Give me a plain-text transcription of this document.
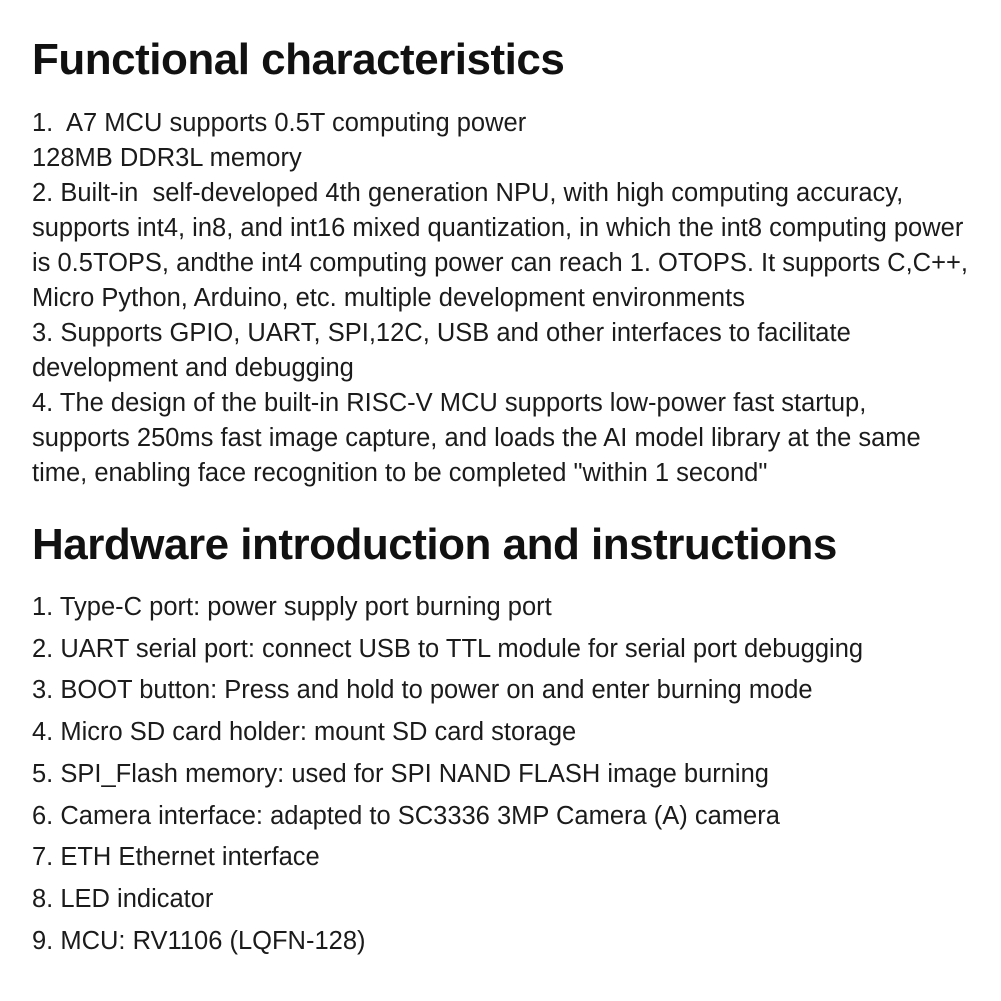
Functional characteristics

1.  A7 MCU supports 0.5T computing power

128MB DDR3L memory

2. Built-in  self-developed 4th generation NPU, with high computing accuracy, supports int4, in8, and int16 mixed quantization, in which the int8 computing power is 0.5TOPS, andthe int4 computing power can reach 1. OTOPS. It supports C,C++, Micro Python, Arduino, etc. multiple development environments

3. Supports GPIO, UART, SPI,12C, USB and other interfaces to facilitate development and debugging

4. The design of the built-in RISC-V MCU supports low-power fast startup, supports 250ms fast image capture, and loads the AI model library at the same time, enabling face recognition to be completed "within 1 second"

Hardware introduction and instructions

1. Type-C port: power supply port burning port

2. UART serial port: connect USB to TTL module for serial port debugging

3. BOOT button: Press and hold to power on and enter burning mode

4. Micro SD card holder: mount SD card storage

5. SPI_Flash memory: used for SPI NAND FLASH image burning

6. Camera interface: adapted to SC3336 3MP Camera (A) camera

7. ETH Ethernet interface

8. LED indicator

9. MCU: RV1106 (LQFN-128)
